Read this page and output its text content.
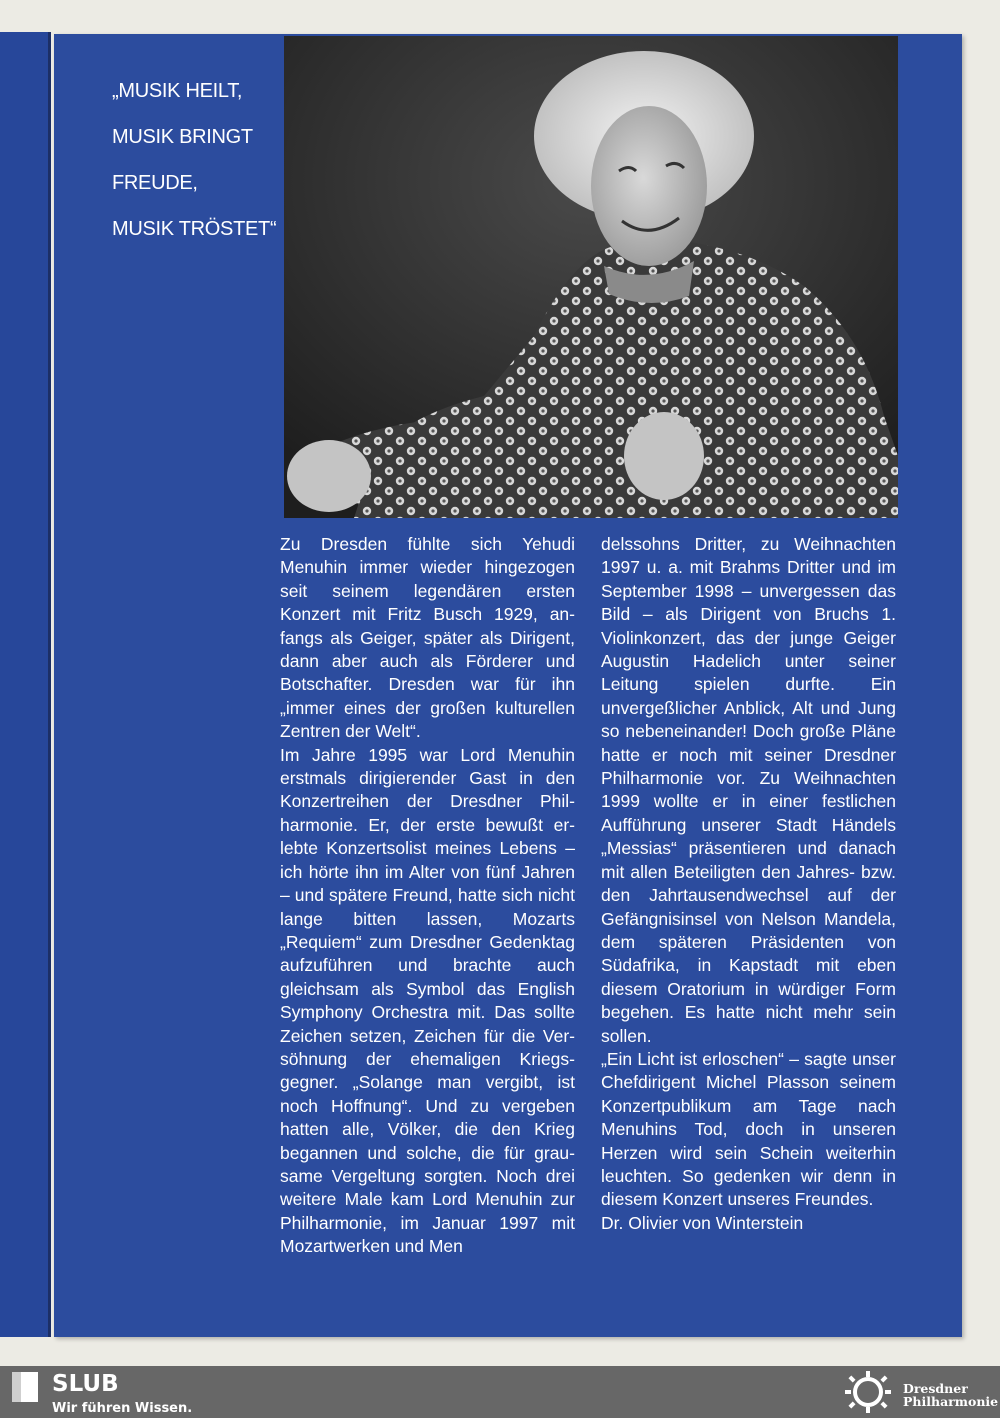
„MUSIK HEILT,
MUSIK BRINGT
FREUDE,
MUSIK TRÖSTET“

Zu Dresden fühlte sich Yehudi Menuhin immer wieder hingezogen seit seinem legendären ersten Konzert mit Fritz Busch 1929, anfangs als Geiger, später als Dirigent, dann aber auch als Förderer und Botschafter. Dresden war für ihn „immer eines der großen kulturellen Zentren der Welt“.

Im Jahre 1995 war Lord Menuhin erstmals dirigierender Gast in den Konzertreihen der Dresdner Philharmonie. Er, der erste bewußt erlebte Konzertsolist meines Lebens – ich hörte ihn im Alter von fünf Jahren – und spätere Freund, hatte sich nicht lange bitten lassen, Mozarts „Requiem“ zum Dresdner Gedenktag aufzuführen und brachte auch gleichsam als Symbol das English Symphony Orchestra mit. Das sollte Zeichen setzen, Zeichen für die Versöhnung der ehemaligen Kriegsgegner. „Solange man vergibt, ist noch Hoffnung“. Und zu vergeben hatten alle, Völker, die den Krieg begannen und solche, die für grausame Vergeltung sorgten. Noch drei weitere Male kam Lord Menuhin zur Philharmonie, im Januar 1997 mit Mozartwerken und Men

delssohns Dritter, zu Weihnachten 1997 u. a. mit Brahms Dritter und im September 1998 – unvergessen das Bild – als Dirigent von Bruchs 1. Violinkonzert, das der junge Geiger Augustin Hadelich unter seiner Leitung spielen durfte. Ein unvergeßlicher Anblick, Alt und Jung so nebeneinander! Doch große Pläne hatte er noch mit seiner Dresdner Philharmonie vor. Zu Weihnachten 1999 wollte er in einer festlichen Aufführung unserer Stadt Händels „Messias“ präsentieren und danach mit allen Beteiligten den Jahres- bzw. den Jahrtausendwechsel auf der Gefängnisinsel von Nelson Mandela, dem späteren Präsidenten von Südafrika, in Kapstadt mit eben diesem Oratorium in würdiger Form begehen. Es hatte nicht mehr sein sollen.

„Ein Licht ist erloschen“ – sagte unser Chefdirigent Michel Plasson seinem Konzertpublikum am Tage nach Menuhins Tod, doch in unseren Herzen wird sein Schein weiterhin leuchten. So gedenken wir denn in diesem Konzert unseres Freundes.

Dr. Olivier von Winterstein

SLUB
Wir führen Wissen.
Dresdner
Philharmonie
